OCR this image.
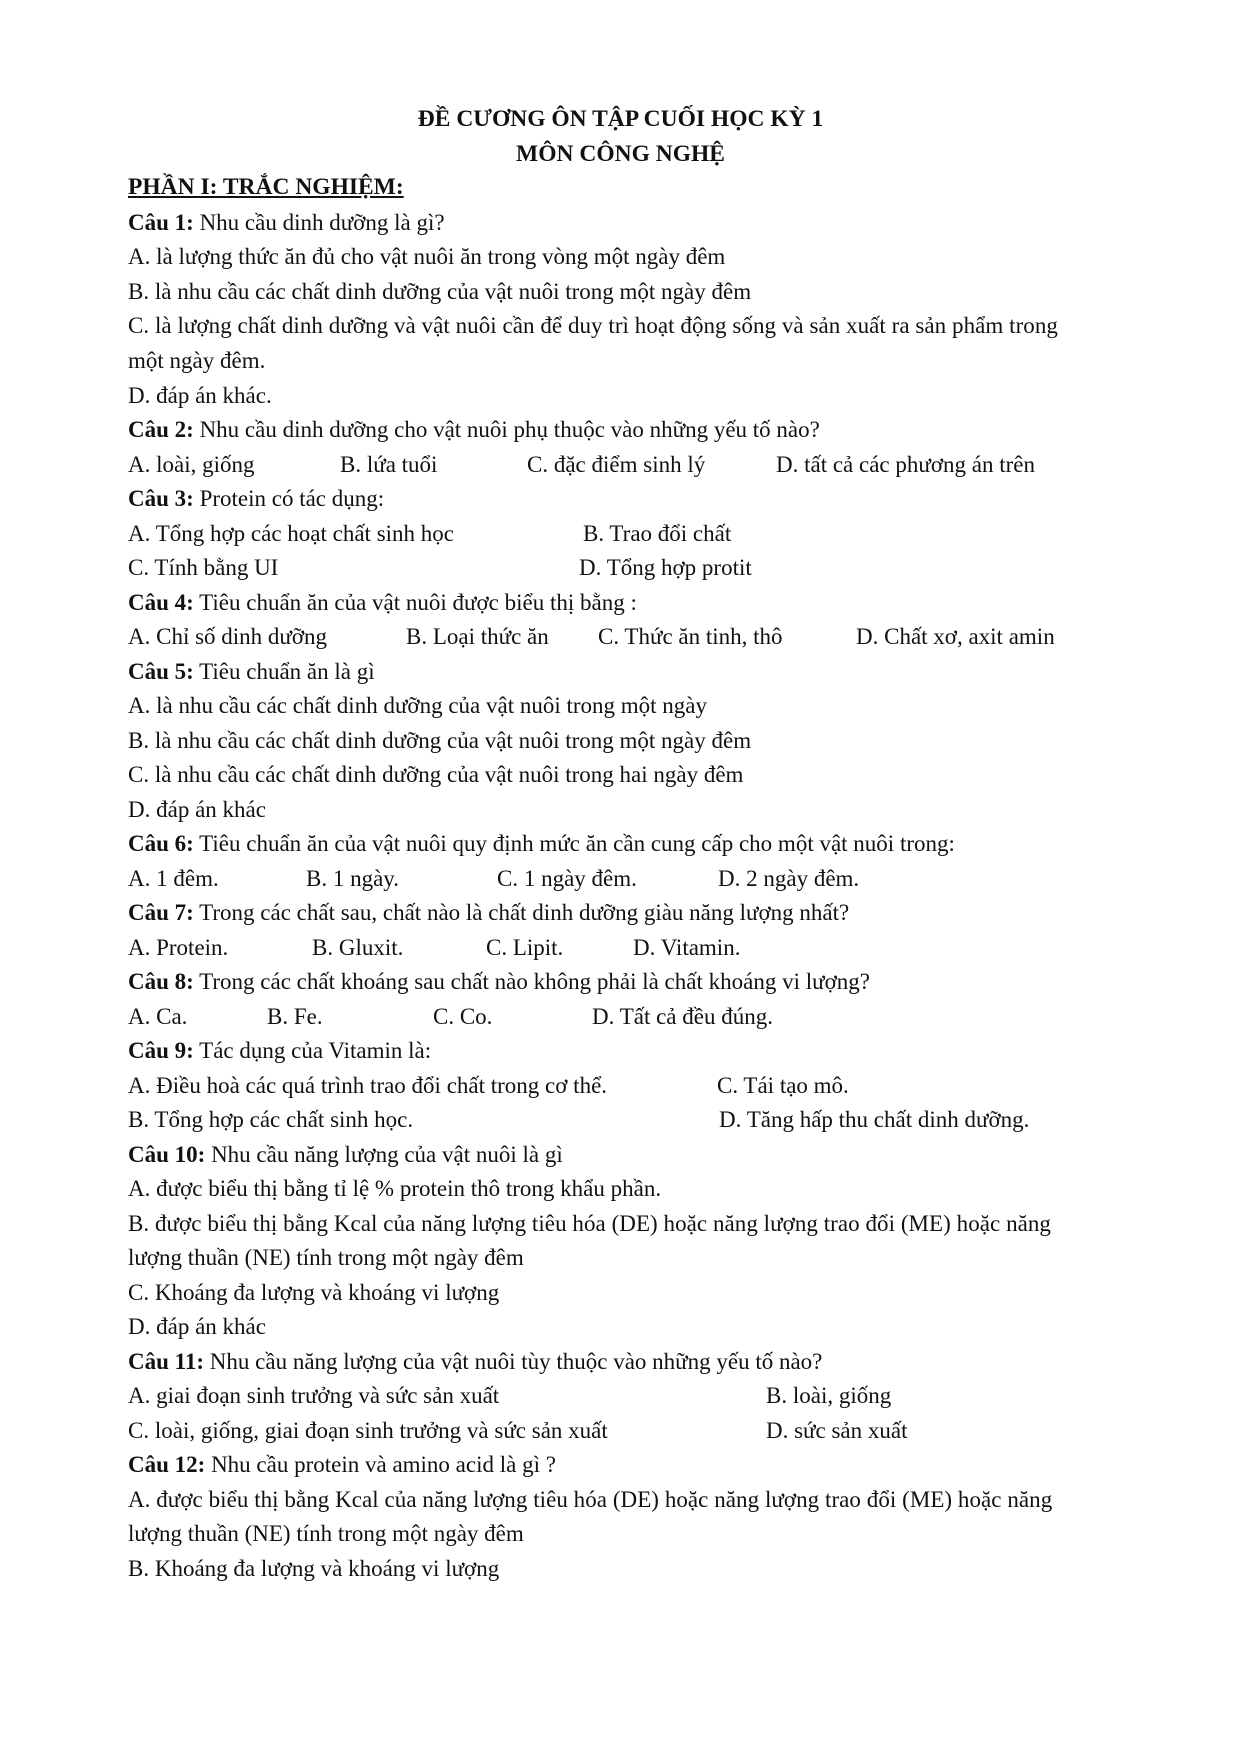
ĐỀ CƯƠNG ÔN TẬP CUỐI HỌC KỲ 1
MÔN CÔNG NGHỆ
PHẦN I: TRẮC NGHIỆM:
Câu 1: Nhu cầu dinh dưỡng là gì?
A. là lượng thức ăn đủ cho vật nuôi ăn trong vòng một ngày đêm
B. là nhu cầu các chất dinh dưỡng của vật nuôi trong một ngày đêm
C. là lượng chất dinh dưỡng và vật nuôi cần để duy trì hoạt động sống và sản xuất ra sản phẩm trong
một ngày đêm.
D. đáp án khác.
Câu 2: Nhu cầu dinh dưỡng cho vật nuôi phụ thuộc vào những yếu tố nào?
A. loài, giống	B. lứa tuổi	C. đặc điểm sinh lý	D. tất cả các phương án trên
Câu 3: Protein có tác dụng:
A. Tổng hợp các hoạt chất sinh học	B. Trao đổi chất
C. Tính bằng UI	D. Tổng hợp protit
Câu 4: Tiêu chuẩn ăn của vật nuôi được biểu thị bằng :
A. Chỉ số dinh dưỡng	B. Loại thức ăn C. Thức ăn tinh, thô	D. Chất xơ, axit amin
Câu 5: Tiêu chuẩn ăn là gì
A. là nhu cầu các chất dinh dưỡng của vật nuôi trong một ngày
B. là nhu cầu các chất dinh dưỡng của vật nuôi trong một ngày đêm
C. là nhu cầu các chất dinh dưỡng của vật nuôi trong hai ngày đêm
D. đáp án khác
Câu 6: Tiêu chuẩn ăn của vật nuôi quy định mức ăn cần cung cấp cho một vật nuôi trong:
A. 1 đêm.	B. 1 ngày.	C. 1 ngày đêm.	D. 2 ngày đêm.
Câu 7: Trong các chất sau, chất nào là chất dinh dưỡng giàu năng lượng nhất?
A. Protein.	B. Gluxit.	C. Lipit.	D. Vitamin.
Câu 8: Trong các chất khoáng sau chất nào không phải là chất khoáng vi lượng?
A. Ca.	B. Fe.	C. Co.	D. Tất cả đều đúng.
Câu 9: Tác dụng của Vitamin là:
A. Điều hoà các quá trình trao đổi chất trong cơ thể.	C. Tái tạo mô.
B. Tổng hợp các chất sinh học.	D. Tăng hấp thu chất dinh dưỡng.
Câu 10: Nhu cầu năng lượng của vật nuôi là gì
A. được biểu thị bằng tỉ lệ % protein thô trong khẩu phần.
B. được biểu thị bằng Kcal của năng lượng tiêu hóa (DE) hoặc năng lượng trao đổi (ME) hoặc năng
lượng thuần (NE) tính trong một ngày đêm
C. Khoáng đa lượng và khoáng vi lượng
D. đáp án khác
Câu 11: Nhu cầu năng lượng của vật nuôi tùy thuộc vào những yếu tố nào?
A. giai đoạn sinh trưởng và sức sản xuất	B. loài, giống
C. loài, giống, giai đoạn sinh trưởng và sức sản xuất	D. sức sản xuất
Câu 12: Nhu cầu protein và amino acid là gì ?
A. được biểu thị bằng Kcal của năng lượng tiêu hóa (DE) hoặc năng lượng trao đổi (ME) hoặc năng
lượng thuần (NE) tính trong một ngày đêm
B. Khoáng đa lượng và khoáng vi lượng
